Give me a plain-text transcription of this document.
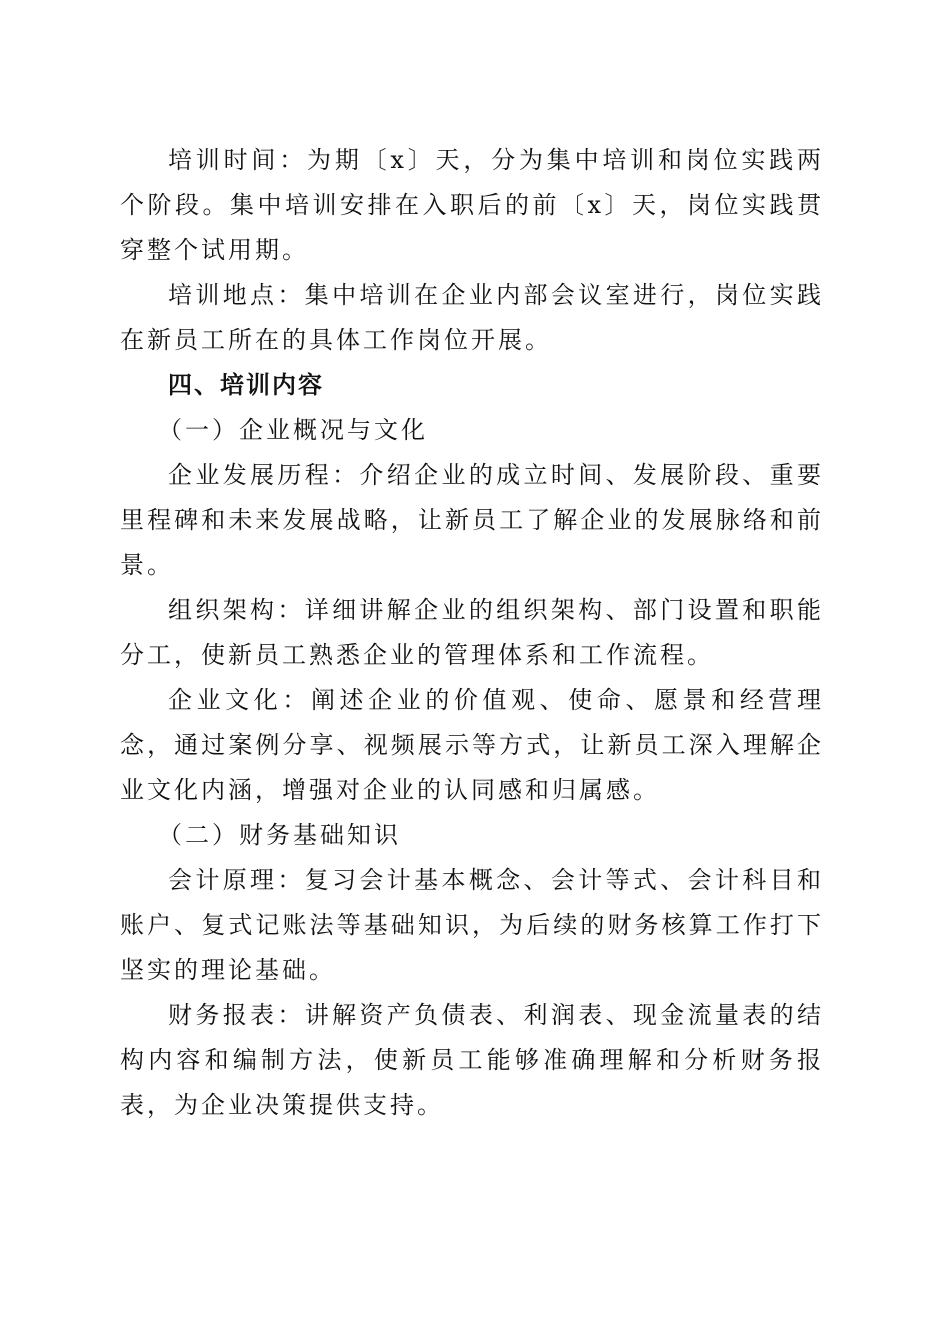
培训时间：为期〔x〕天，分为集中培训和岗位实践两个阶段。集中培训安排在入职后的前〔x〕天，岗位实践贯穿整个试用期。

培训地点：集中培训在企业内部会议室进行，岗位实践在新员工所在的具体工作岗位开展。

四、培训内容

（一）企业概况与文化

企业发展历程：介绍企业的成立时间、发展阶段、重要里程碑和未来发展战略，让新员工了解企业的发展脉络和前景。

组织架构：详细讲解企业的组织架构、部门设置和职能分工，使新员工熟悉企业的管理体系和工作流程。

企业文化：阐述企业的价值观、使命、愿景和经营理念，通过案例分享、视频展示等方式，让新员工深入理解企业文化内涵，增强对企业的认同感和归属感。

（二）财务基础知识

会计原理：复习会计基本概念、会计等式、会计科目和账户、复式记账法等基础知识，为后续的财务核算工作打下坚实的理论基础。

财务报表：讲解资产负债表、利润表、现金流量表的结构内容和编制方法，使新员工能够准确理解和分析财务报表，为企业决策提供支持。
